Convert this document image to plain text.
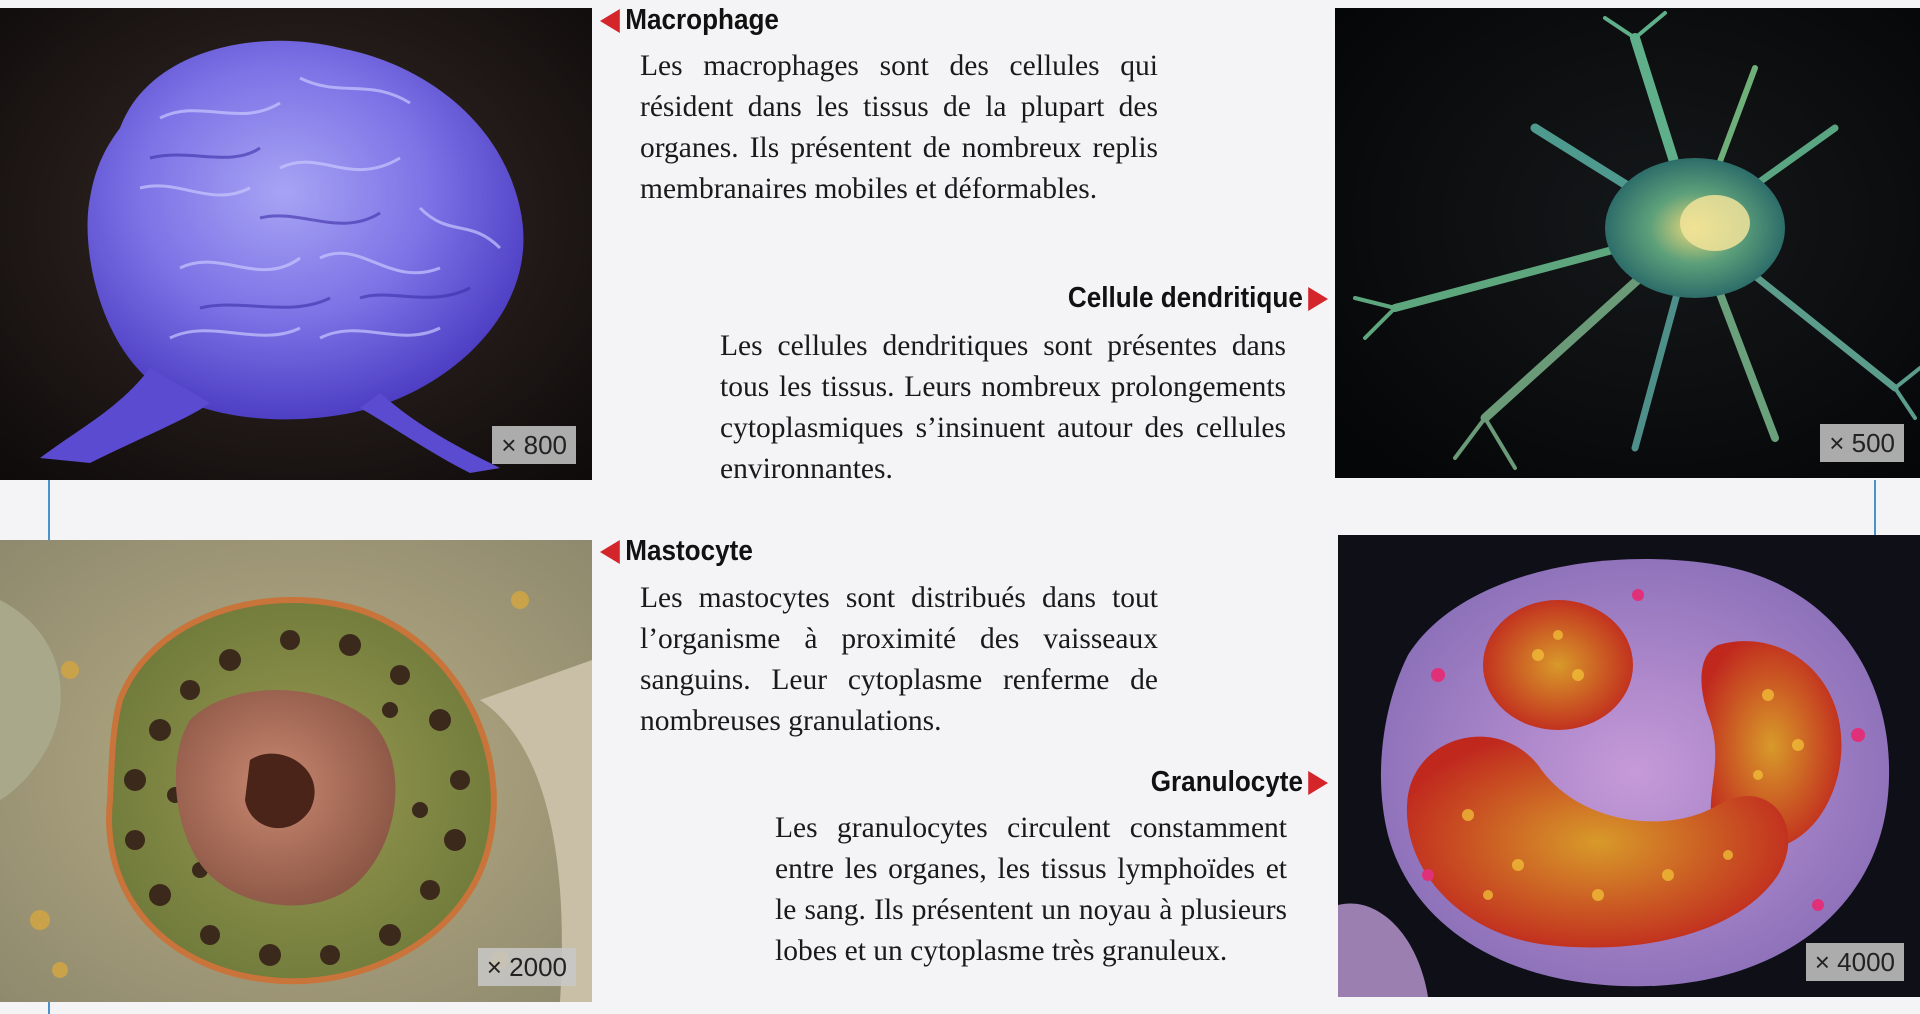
× 800
Macrophage
Les macrophages sont des cellules qui résident dans les tissus de la plupart des organes. Ils présentent de nombreux replis membranaires mobiles et déformables.
× 500
Cellule dendritique
Les cellules dendritiques sont présentes dans tous les tissus. Leurs nombreux prolongements cytoplasmiques s’insinuent autour des cellules environnantes.
× 2000
Mastocyte
Les mastocytes sont distribués dans tout l’organisme à proximité des vaisseaux sanguins. Leur cytoplasme renferme de nombreuses granulations.
× 4000
Granulocyte
Les granulocytes circulent constamment entre les organes, les tissus lymphoïdes et le sang. Ils présentent un noyau à plusieurs lobes et un cytoplasme très granuleux.
